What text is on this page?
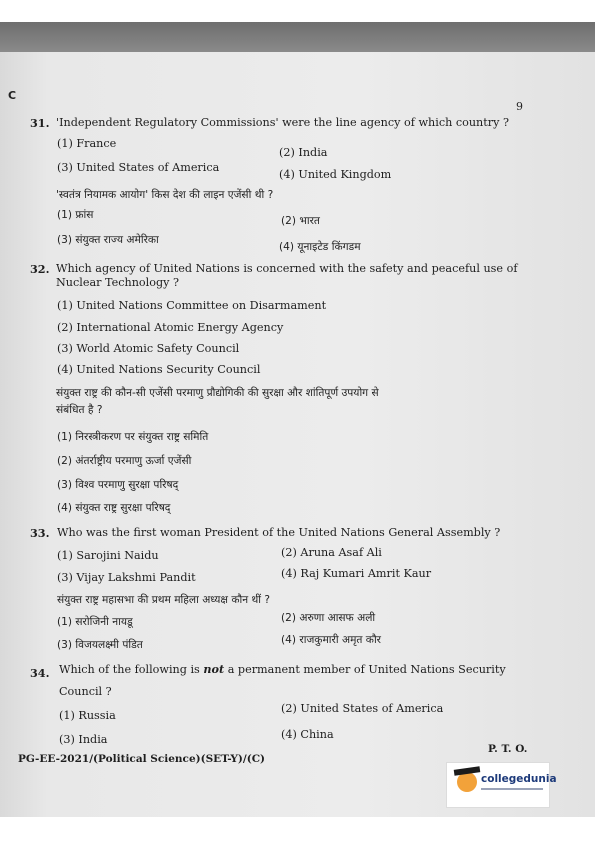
C
9
31. 'Independent Regulatory Commissions' were the line agency of which country ?
(1) France
(2) India
(3) United States of America
(4) United Kingdom
'स्वतंत्र नियामक आयोग' किस देश की लाइन एजेंसी थी ?
(1) फ्रांस	(2) भारत
(3) संयुक्त राज्य अमेरिका
(4) यूनाइटेड किंगडम
32. Which agency of United Nations is concerned with the safety and peaceful use of
Nuclear Technology ?
(1) United Nations Committee on Disarmament
(2) International Atomic Energy Agency
(3) World Atomic Safety Council
(4) United Nations Security Council
संयुक्त राष्ट्र की कौन-सी एजेंसी परमाणु प्रौद्योगिकी की सुरक्षा और शांतिपूर्ण उपयोग से
संबंधित है ?
(1) निरस्त्रीकरण पर संयुक्त राष्ट्र समिति
(2) अंतर्राष्ट्रीय परमाणु ऊर्जा एजेंसी
(3) विश्व परमाणु सुरक्षा परिषद्
(4) संयुक्त राष्ट्र सुरक्षा परिषद्
33. Who was the first woman President of the United Nations General Assembly ?
(1) Sarojini Naidu	(2) Aruna Asaf Ali
(3) Vijay Lakshmi Pandit	(4) Raj Kumari Amrit Kaur
संयुक्त राष्ट्र महासभा की प्रथम महिला अध्यक्ष कौन थीं ?
(1) सरोजिनी नायडू	(2) अरुणा आसफ अली
(3) विजयलक्ष्मी पंडित	(4) राजकुमारी अमृत कौर
34. Which of the following is not a permanent member of United Nations Security
Council ?
(1) Russia
(2) United States of America
(3) India	(4) China
PG-EE-2021/(Political Science)(SET-Y)/(C)
P. T. O.
collegedunia
